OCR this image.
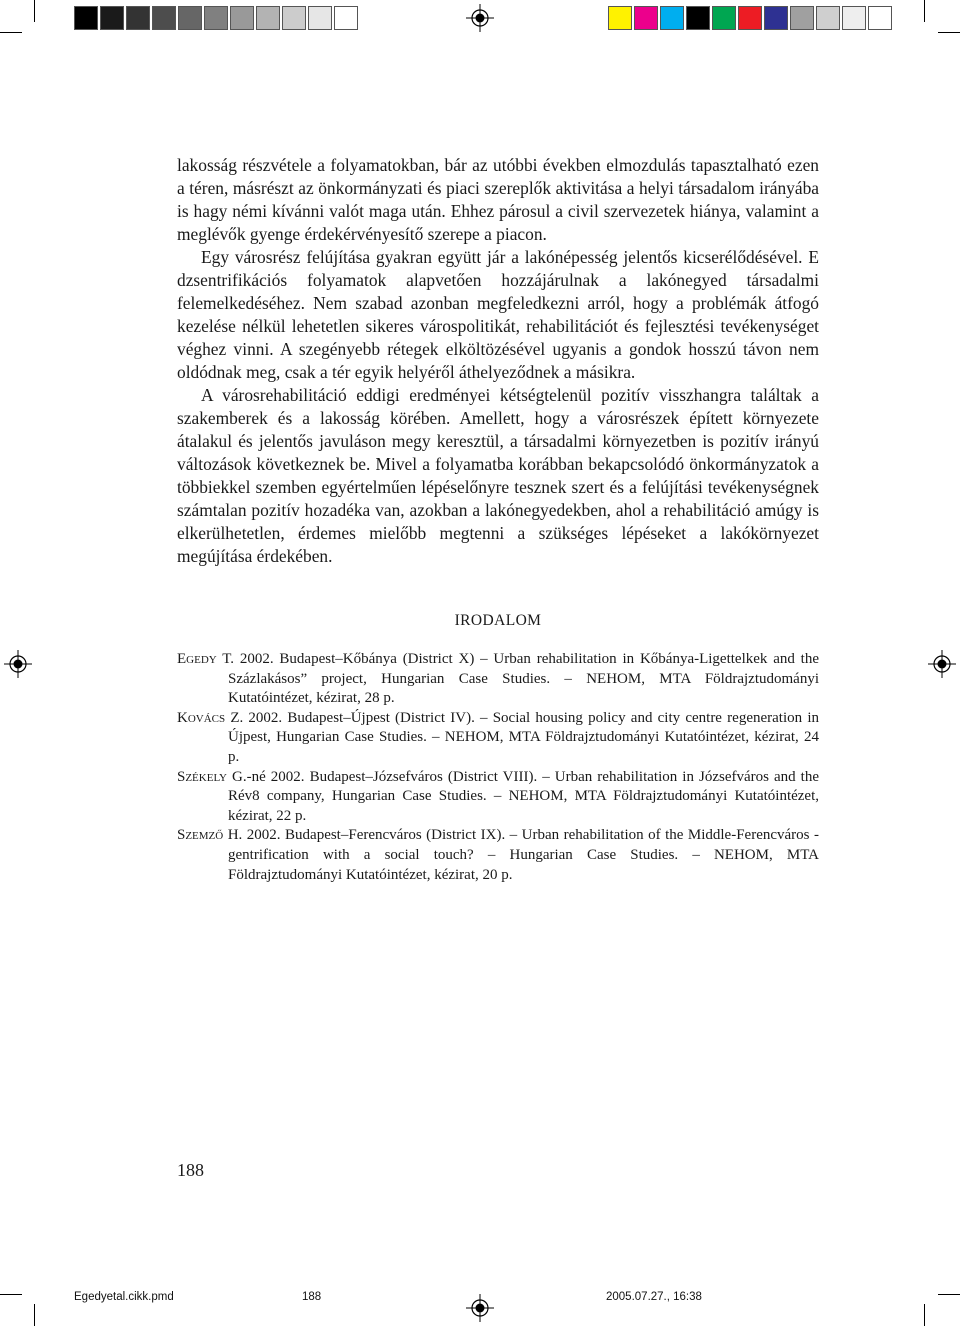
lakosság részvétele a folyamatokban, bár az utóbbi években elmozdulás tapasztalható ezen a téren, másrészt az önkormányzati és piaci szereplők aktivitása a helyi társadalom irányába is hagy némi kívánni valót maga után. Ehhez párosul a civil szervezetek hiánya, valamint a meglévők gyenge érdekérvényesítő szerepe a piacon.

Egy városrész felújítása gyakran együtt jár a lakónépesség jelentős kicserélődésével. E dzsentrifikációs folyamatok alapvetően hozzájárulnak a lakónegyed társadalmi felemelkedéséhez. Nem szabad azonban megfeledkezni arról, hogy a problémák átfogó kezelése nélkül lehetetlen sikeres várospolitikát, rehabilitációt és fejlesztési tevékenységet véghez vinni. A szegényebb rétegek elköltözésével ugyanis a gondok hosszú távon nem oldódnak meg, csak a tér egyik helyéről áthelyeződnek a másikra.

A városrehabilitáció eddigi eredményei kétségtelenül pozitív visszhangra találtak a szakemberek és a lakosság körében. Amellett, hogy a városrészek épített környezete átalakul és jelentős javuláson megy keresztül, a társadalmi környezetben is pozitív irányú változások következnek be. Mivel a folyamatba korábban bekapcsolódó önkormányzatok a többiekkel szemben egyértelműen lépéselőnyre tesznek szert és a felújítási tevékenységnek számtalan pozitív hozadéka van, azokban a lakónegyedekben, ahol a rehabilitáció amúgy is elkerülhetetlen, érdemes mielőbb megtenni a szükséges lépéseket a lakókörnyezet megújítása érdekében.

IRODALOM

Egedy T. 2002. Budapest–Kőbánya (District X) – Urban rehabilitation in Kőbánya-Ligettelkek and the Százlakásos” project, Hungarian Case Studies. – NEHOM, MTA Földrajztudományi Kutatóintézet, kézirat, 28 p.

Kovács Z. 2002. Budapest–Újpest (District IV). – Social housing policy and city centre regeneration in Újpest, Hungarian Case Studies. – NEHOM, MTA Földrajztudományi Kutatóintézet, kézirat, 24 p.

Székely G.-né 2002. Budapest–Józsefváros (District VIII). – Urban rehabilitation in Józsefváros and the Rév8 company, Hungarian Case Studies. – NEHOM, MTA Földrajztudományi Kutatóintézet, kézirat, 22 p.

Szemző H. 2002. Budapest–Ferencváros (District IX). – Urban rehabilitation of the Middle-Ferencváros - gentrification with a social touch? – Hungarian Case Studies. – NEHOM, MTA Földrajztudományi Kutatóintézet, kézirat, 20 p.

188
Egedyetal.cikk.pmd	188	2005.07.27., 16:38
